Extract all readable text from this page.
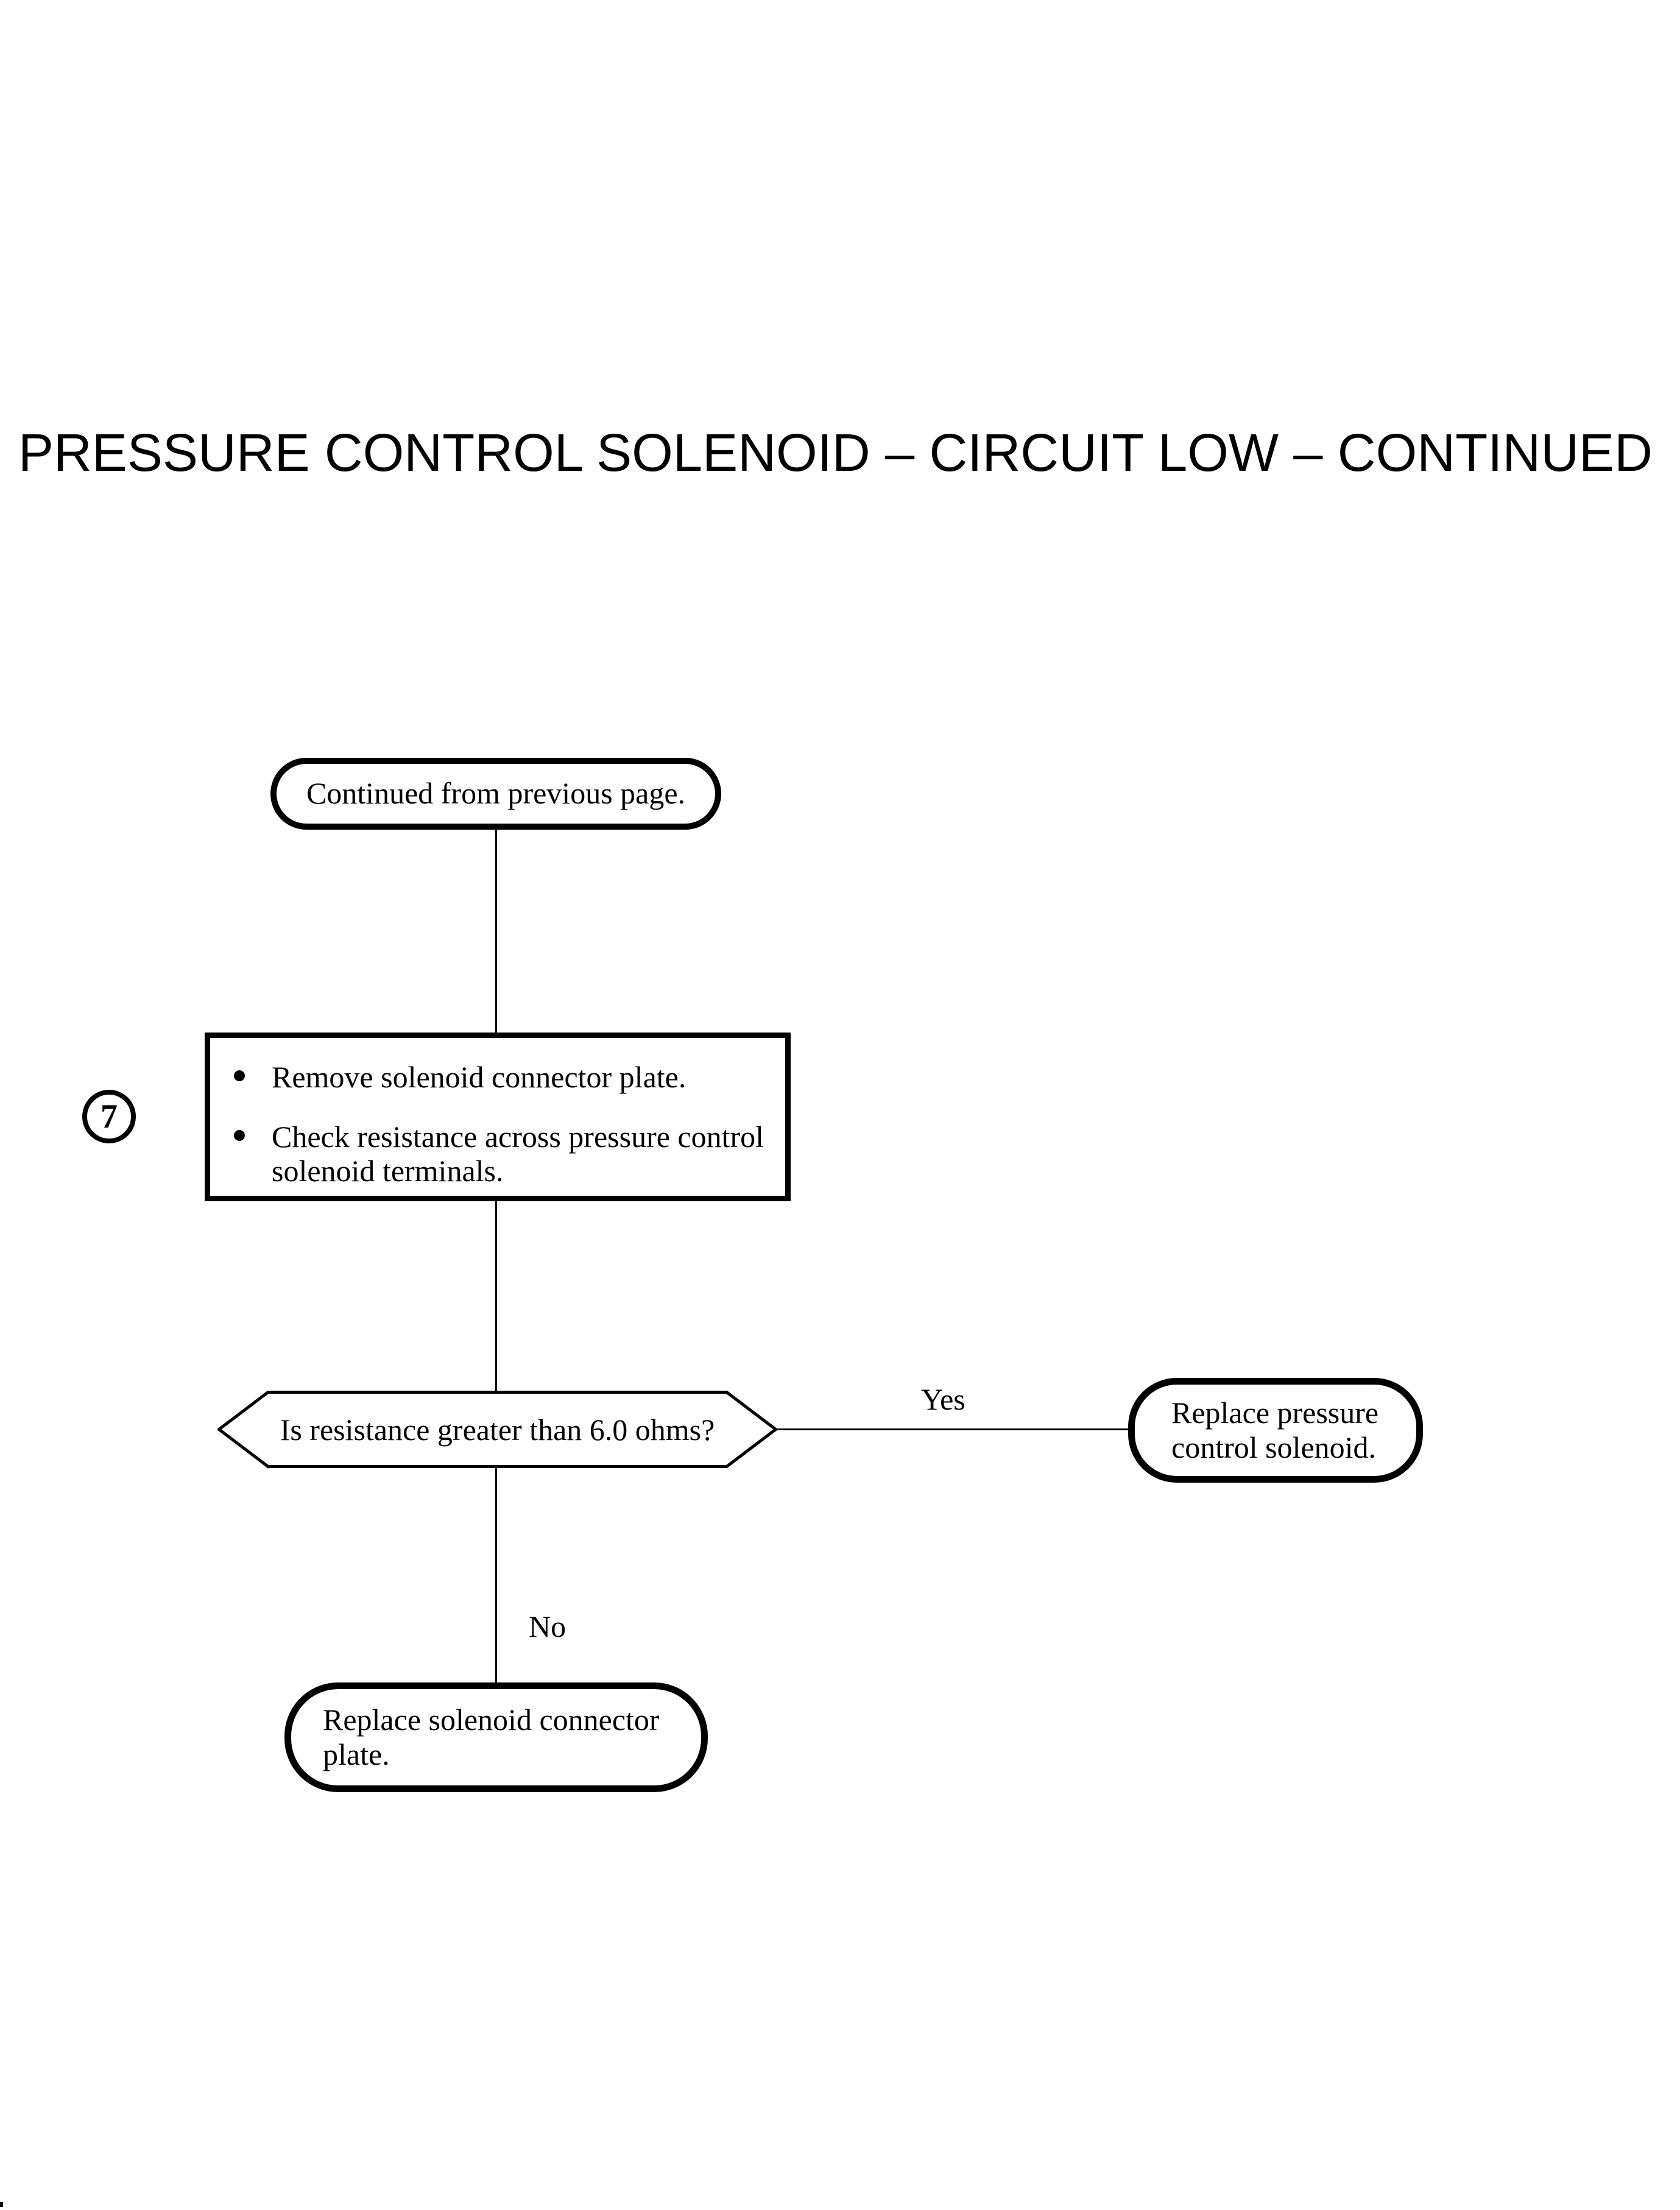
PRESSURE CONTROL SOLENOID – CIRCUIT LOW – CONTINUED
Continued from previous page.
7
Remove solenoid connector plate.
Check resistance across pressure control solenoid terminals.
Is resistance greater than 6.0 ohms?
Yes	Replace pressure control solenoid.
No
Replace solenoid connector plate.
